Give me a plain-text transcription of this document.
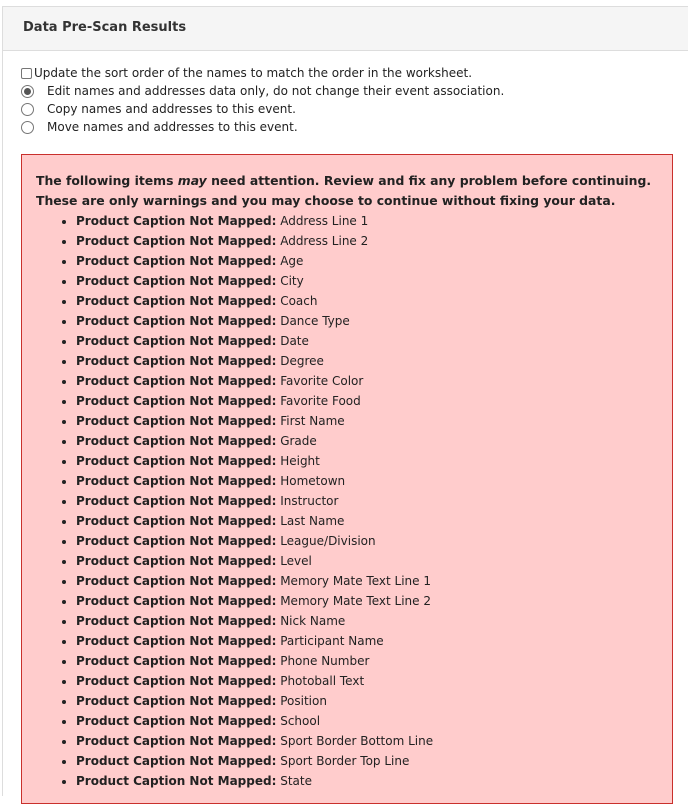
Data Pre-Scan Results
Update the sort order of the names to match the order in the worksheet.
Edit names and addresses data only, do not change their event association.
Copy names and addresses to this event.
Move names and addresses to this event.
The following items may need attention. Review and fix any problem before continuing. These are only warnings and you may choose to continue without fixing your data.
• Product Caption Not Mapped: Address Line 1
• Product Caption Not Mapped: Address Line 2
• Product Caption Not Mapped: Age
• Product Caption Not Mapped: City
• Product Caption Not Mapped: Coach
• Product Caption Not Mapped: Dance Type
• Product Caption Not Mapped: Date
• Product Caption Not Mapped: Degree
• Product Caption Not Mapped: Favorite Color
• Product Caption Not Mapped: Favorite Food
• Product Caption Not Mapped: First Name
• Product Caption Not Mapped: Grade
• Product Caption Not Mapped: Height
• Product Caption Not Mapped: Hometown
• Product Caption Not Mapped: Instructor
• Product Caption Not Mapped: Last Name
• Product Caption Not Mapped: League/Division
• Product Caption Not Mapped: Level
• Product Caption Not Mapped: Memory Mate Text Line 1
• Product Caption Not Mapped: Memory Mate Text Line 2
• Product Caption Not Mapped: Nick Name
• Product Caption Not Mapped: Participant Name
• Product Caption Not Mapped: Phone Number
• Product Caption Not Mapped: Photoball Text
• Product Caption Not Mapped: Position
• Product Caption Not Mapped: School
• Product Caption Not Mapped: Sport Border Bottom Line
• Product Caption Not Mapped: Sport Border Top Line
• Product Caption Not Mapped: State
